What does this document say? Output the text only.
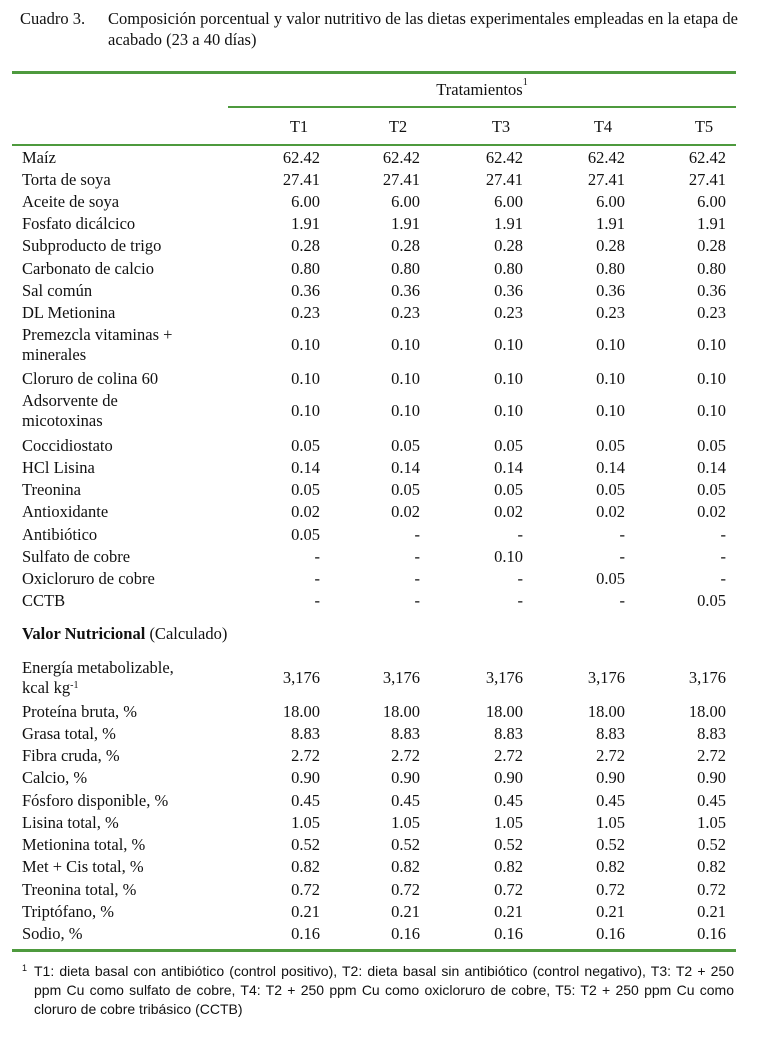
Cuadro 3. Composición porcentual y valor nutritivo de las dietas experimentales empleadas en la etapa de acabado (23 a 40 días)
Tratamientos$^1$
T1	T2	T3	T4	T5
Maíz	62.42	62.42	62.42	62.42	62.42
Torta de soya	27.41	27.41	27.41	27.41	27.41
Aceite de soya	6.00	6.00	6.00	6.00	6.00
Fosfato dicálcico	1.91	1.91	1.91	1.91	1.91
Subproducto de trigo	0.28	0.28	0.28	0.28	0.28
Carbonato de calcio	0.80	0.80	0.80	0.80	0.80
Sal común	0.36	0.36	0.36	0.36	0.36
DL Metionina	0.23	0.23	0.23	0.23	0.23
Premezcla vitaminas + minerales
0.10	0.10	0.10	0.10	0.10
Cloruro de colina 60	0.10	0.10	0.10	0.10	0.10
Adsorvente de micotoxinas
0.10	0.10	0.10	0.10	0.10
Coccidiostato	0.05	0.05	0.05	0.05	0.05
HCl Lisina	0.14	0.14	0.14	0.14	0.14
Treonina	0.05	0.05	0.05	0.05	0.05
Antioxidante	0.02	0.02	0.02	0.02	0.02
Antibiótico	0.05	-	-	-	-
Sulfato de cobre	-	-	0.10	-	-
Oxicloruro de cobre	-	-	-	0.05	-
CCTB	-	-	-	-	0.05
Valor Nutricional (Calculado)
Energía metabolizable,
kcal $kg^{-1}$	3,176	3,176	3,176	3,176	3,176
Proteína bruta, %	18.00	18.00	18.00	18.00	18.00
Grasa total, %	8.83	8.83	8.83	8.83	8.83
Fibra cruda, %	2.72	2.72	2.72	2.72	2.72
Calcio, %	0.90	0.90	0.90	0.90	0.90
Fósforo disponible, %	0.45	0.45	0.45	0.45	0.45
Lisina total, %	1.05	1.05	1.05	1.05	1.05
Metionina total, %	0.52	0.52	0.52	0.52	0.52
Met + Cis total, %	0.82	0.82	0.82	0.82	0.82
Treonina total, %	0.72	0.72	0.72	0.72	0.72
Triptófano, %	0.21	0.21	0.21	0.21	0.21
Sodio, %	0.16	0.16	0.16	0.16	0.16
1 T1: dieta basal con antibiótico (control positivo), T2: dieta basal sin antibiótico (control negativo), T3: T2 + 250 ppm Cu como sulfato de cobre, T4: T2 + 250 ppm Cu como oxicloruro de cobre, T5: T2 + 250 ppm Cu como cloruro de cobre tribásico (CCTB)
